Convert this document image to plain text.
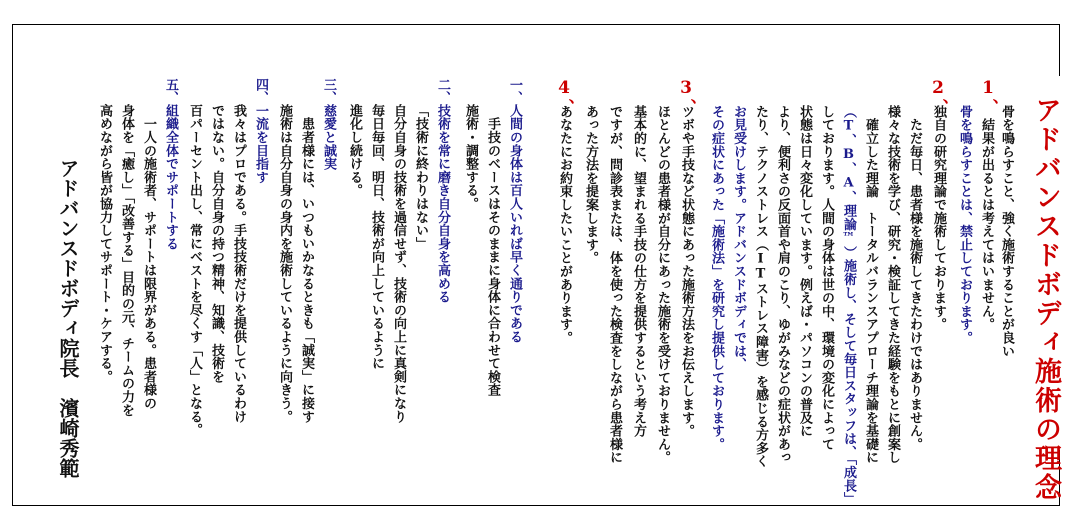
アドバンスドボディ施術の理念
1、
骨を鳴らすこと、強く施術することが良い
　結果が出るとは考えてはいません。
2、
骨を鳴らすことは、禁止しております。
独自の研究理論で施術しております。
　ただ毎日、患者様を施術してきたわけではありません。
様々な技術を学び、研究・検証してきた経験をもとに創案し
　確立した理論　トータルバランスアプローチ理論を基礎に
（T、B、A、理論™）施術し、そして毎日スタッフは、「成長」
しております。人間の身体は世の中、環境の変化によって
状態は日々変化しています。例えば・パソコンの普及に
より、便利さの反面首や肩のこり、ゆがみなどの症状があっ
たり、テクノストレス（ITストレス障害）を感じる方多く
お見受けします。アドバンスドボディでは、
その症状にあった「施術法」を研究し提供しております。
3、
ツボや手技など状態にあった施術方法をお伝えします。
ほとんどの患者様が自分にあった施術を受けておりません。
基本的に、望まれる手技の仕方を提供するという考え方
ですが、問診表または、体を使った検査をしながら患者様に
あった方法を提案します。
4、
あなたにお約束したいことがあります。
一、
人間の身体は百人いれば早く通りである
　手技のベースはそのままに身体に合わせて検査
施術・調整する。
二、
技術を常に磨き自分自身を高める
「技術に終わりはない」
自分自身の技術を過信せず、技術の向上に真剣になり
毎日毎回、明日、技術が向上しているように
進化し続ける。
三、
慈愛と誠実
　患者様には、いつもいかなるときも「誠実」に接す
施術は自分自身の身内を施術しているように向きう。
四、
一流を目指す
我々はプロである。手技技術だけを提供しているわけ
ではない。自分自身の持つ精神、知識、技術を
百パーセント出し、常にベストを尽くす「人」となる。
五、
組織全体でサポートする
　一人の施術者、サポートは限界がある。患者様の
身体を「癒し」「改善する」目的の元、チームの力を
高めながら皆が協力してサポート・ケアする。
アドバンスドボディ院長　濱崎秀範
